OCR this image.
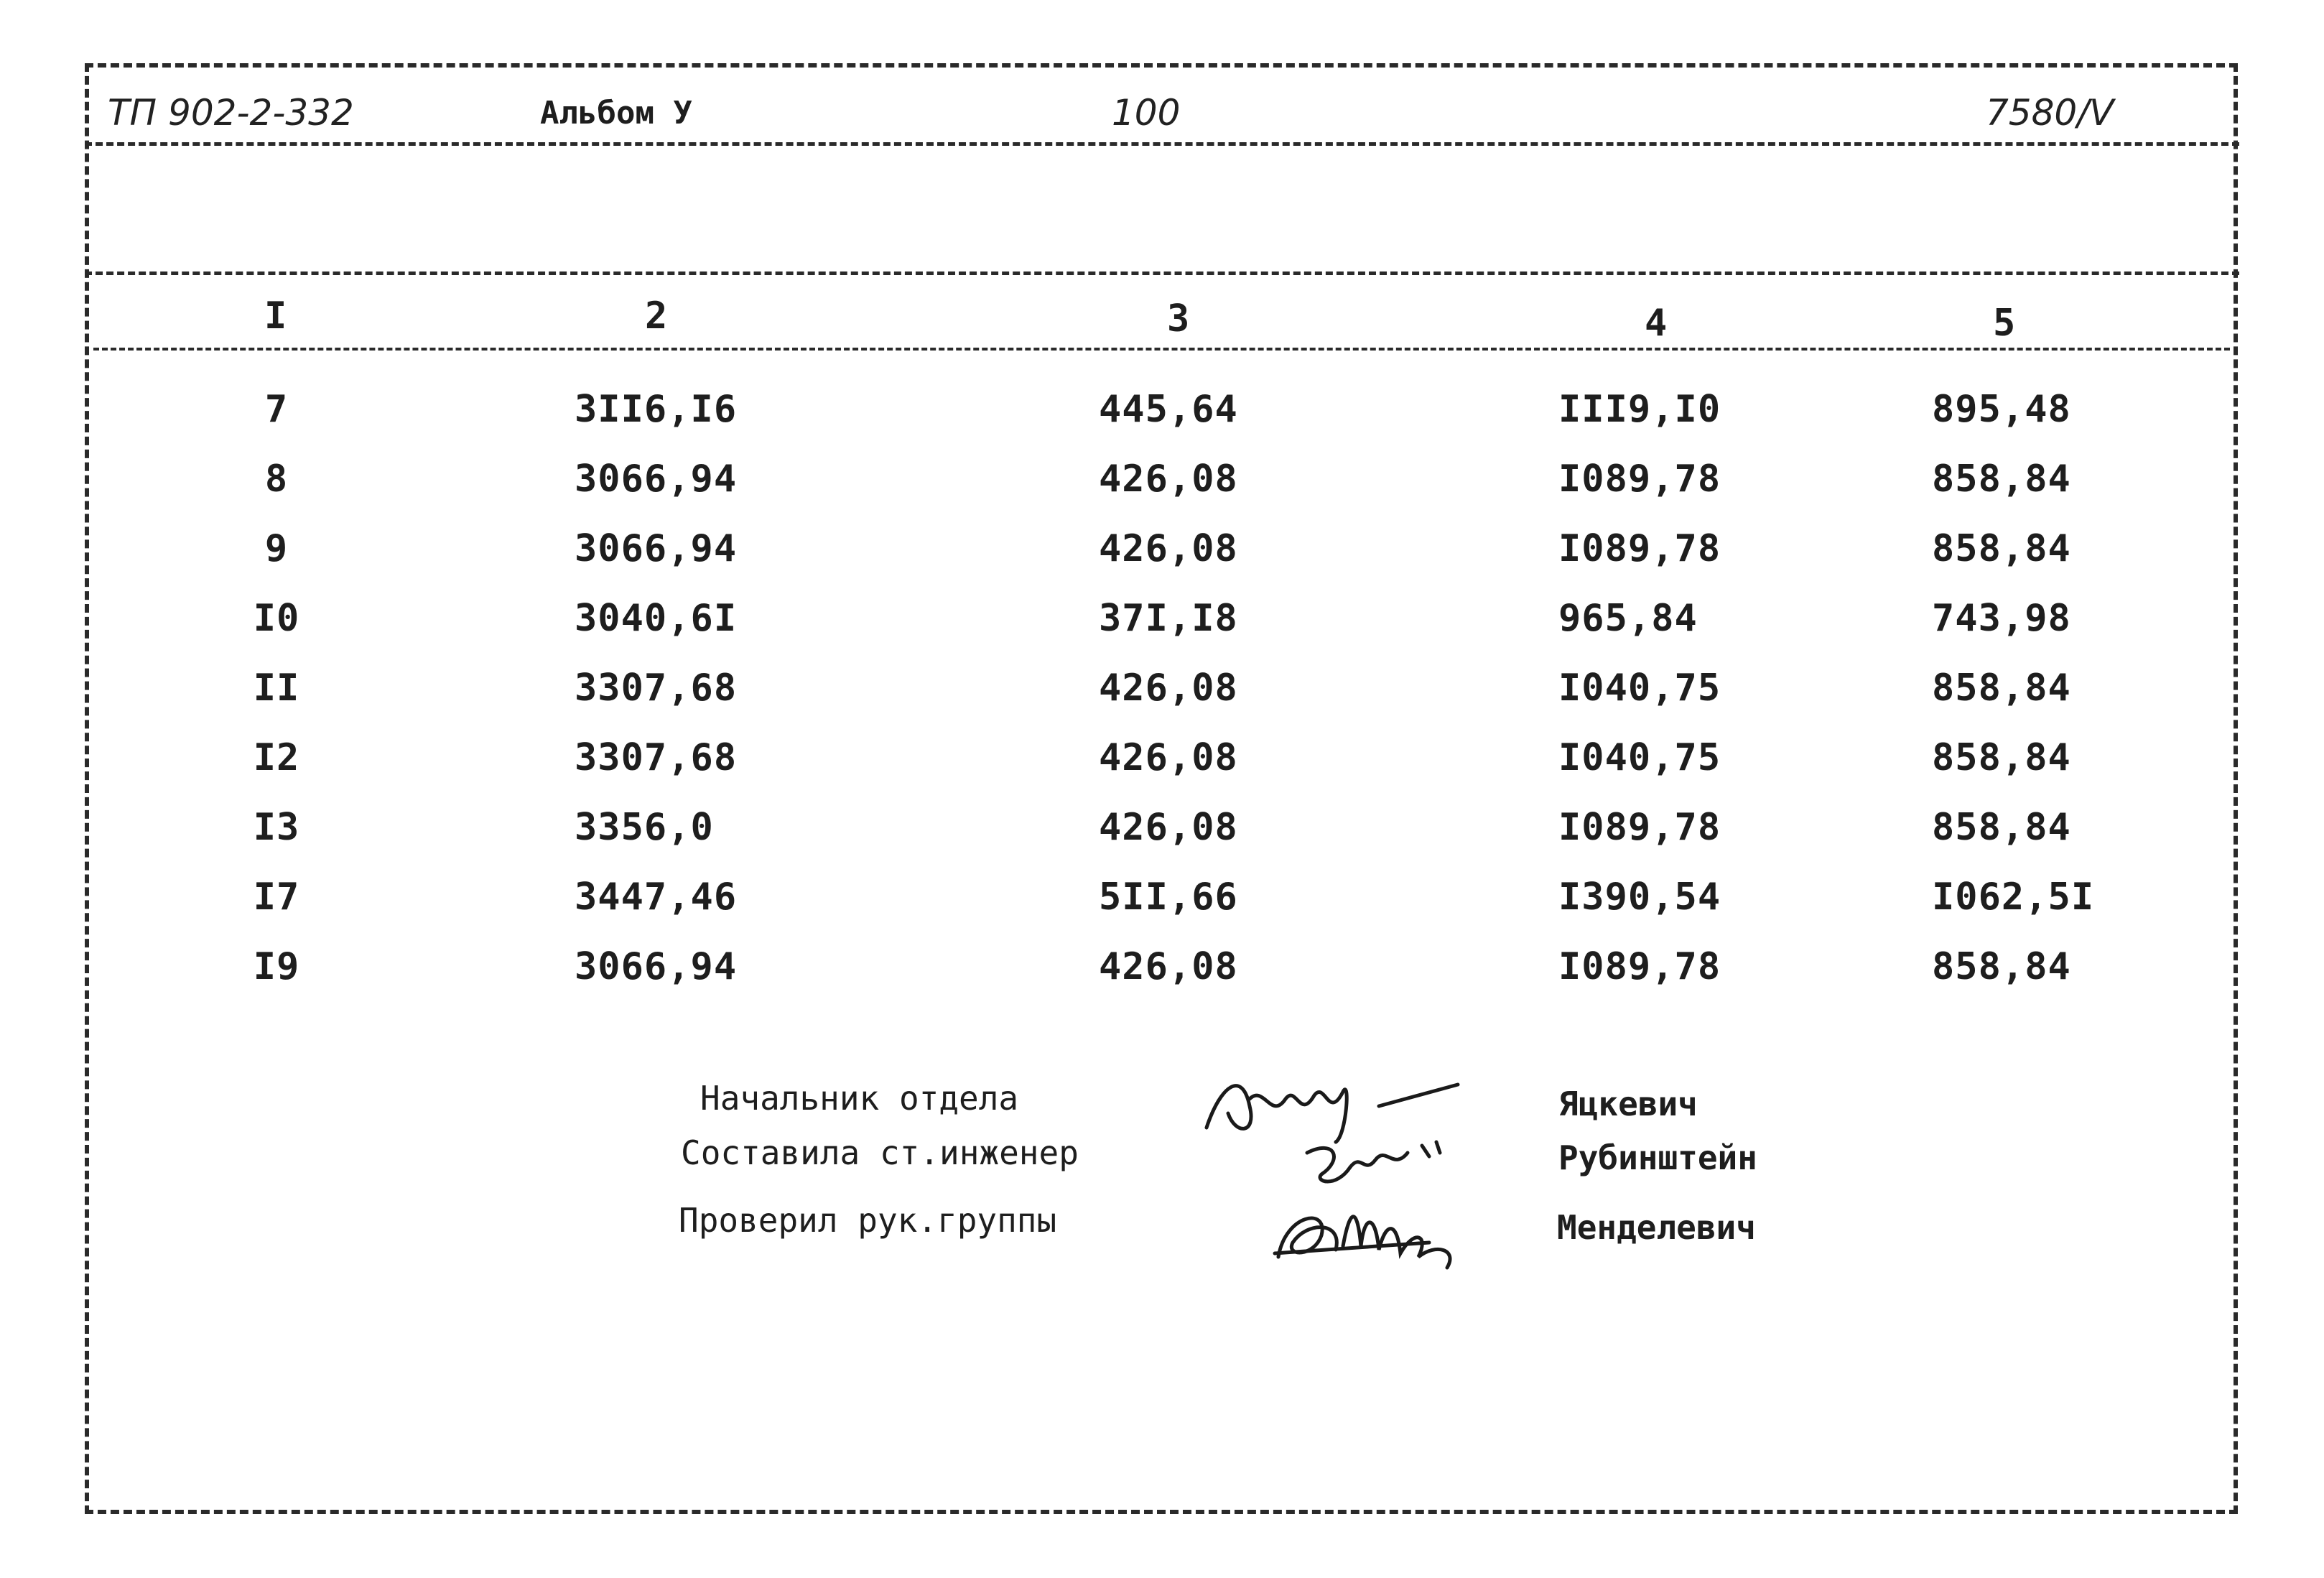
ТП 902-2-332	Альбом У	100	7580/V
I	2	3	4	5
7	3II6,I6	445,64	III9,I0	895,48
8	3066,94	426,08	I089,78	858,84
9	3066,94	426,08	I089,78	858,84
I0	3040,6I	37I,I8	965,84	743,98
II	3307,68	426,08	I040,75	858,84
I2	3307,68	426,08	I040,75	858,84
I3	3356,0	426,08	I089,78	858,84
I7	3447,46	5II,66	I390,54	I062,5I
I9	3066,94	426,08	I089,78	858,84
Начальник отдела
Составила ст.инженер
Проверил рук.группы
Яцкевич
Рубинштейн
Менделевич
